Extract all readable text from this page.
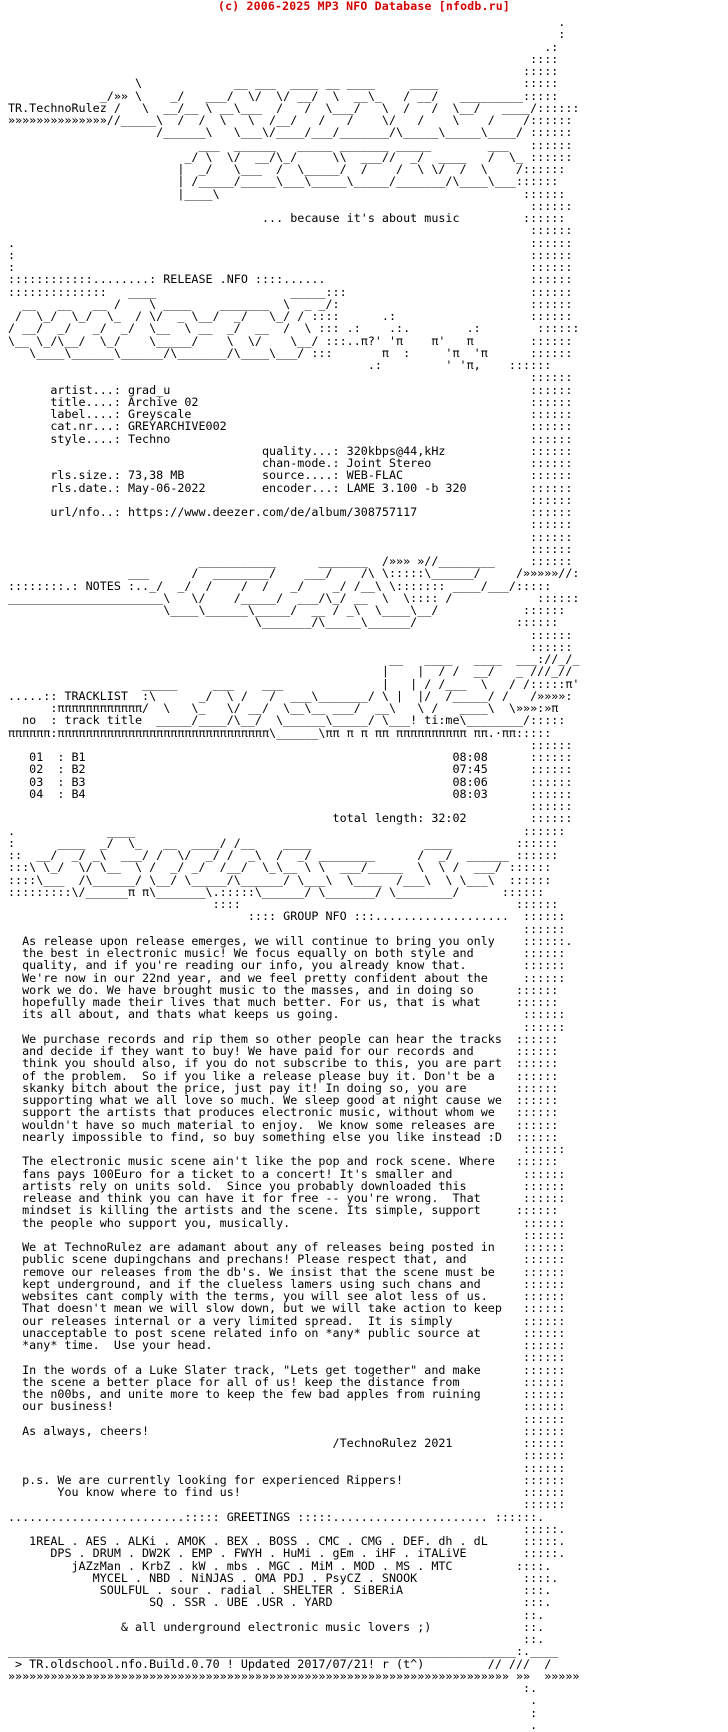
(c) 2006-2025 MP3 NFO Database [nfodb.ru]
.
:
.:
::::
:::::
\             __ ___  ____ __ ____     ____            :::::
_/»» \    _/   ___/  \/  \/ __/  \  __\_   / __/   _________:::::
TR.TechnoRulez /   \  __/__ \ __\___  /   /  \___/   \  /   /  \__/   ____/::::::
»»»»»»»»»»»»»»//_____\  /  /  \   \  /__/   /   /    \/   /    \    /    /::::::
/______\   \___\/____/___/_______/\_____\_____\____/ ::::::
___  ______   _____ _______ _____        ___   ::::::
_/ \  \/  __/\_/     \\  ___//  _/  ____   /  \_ ::::::
|  _/   \___  /  \_____/  /    /  \ \/  /  \    /::::::
| /_____/_____\___\_____\_____/_______/\____\___::::::
|____\                                           ::::::
::::::
... because it's about music         ::::::
::::::
.                                                                         ::::::
:                                                                         ::::::
:                                                                         ::::::
::::::::::::........: RELEASE .NFO ::::......                             ::::::
::::::::::::::   ____                   _____:::                          ::::::
__   __   __ /    \ ____    _______  \  _ _/:                           ::::::
/  \_/  \_/  \_  / \/  _ \__/  _/   \_/ / ::::      .:                   ::::::
/ __/  _/   _/  _/  \__  \ __  _/  __  /  \ ::: .:    .:.        .:        ::::::
\__ \_/\__/  \_/    \_____/    \  \/    \__/ :::..π?' 'π    π'   π        ::::::
\____\______\______/\_______/\____\___/ :::       π  :     'π  'π      ::::::
.:         ' 'π,    ::::::
::::::
artist...: grad_u                                                   ::::::
title....: Archive 02                                               ::::::
label....: Greyscale                                                ::::::
cat.nr...: GREYARCHIVE002                                           ::::::
style....: Techno                                                   ::::::
quality...: 320kbps@44,kHz            ::::::
chan-mode.: Joint Stereo              ::::::
rls.size.: 73,38 MB           source....: WEB-FLAC                  ::::::
rls.date.: May-06-2022        encoder...: LAME 3.100 -b 320         ::::::
::::::
url/nfo..: https://www.deezer.com/de/album/308757117                ::::::
::::::
::::::
::::::
___________      _______  /»»» »//________     ::::::
___      /  ________/    ___/    /\ \:::::\______/     /»»»»»//:
::::::::.: NOTES :.._/  _/  /    /  /   _/    _/ /__\ \::::::: ____/___/:::::
______________________\   \/    /_____/  ___/\_/ __  \  \:::: /            ::::::
\____\______\_____/  __ / _\  \____\__/            ::::::
\_______/\_____\______/              ::::::
::::::
::::::
__   ____   ____  ___://_/_
|    |  / /  __/   _ ///_//
_____     ___    ___              |   | / /___  \   / /:::::π'
.....:: TRACKLIST  :\      _/  \ /   /  ___\_______/ \ |  |/  /_____/ /   /»»»»:
:ππππππππππππ/  \   \_   \/ __/  \__\__ ___/  __\   \ /   ____\  \»»»:»π
no  : track title  _____/____/\__/  \______\_____/ \___! ti:me\________/:::::
ππππππ:ππππππππππππππππππππππππππππππ\______\ππ π π ππ ππππππππππ ππ.·ππ:::::
::::::
01  : B1                                                    08:08      ::::::
02  : B2                                                    07:45      ::::::
03  : B3                                                    08:06      ::::::
04  : B4                                                    08:03      ::::::
::::::
total length: 32:02         ::::::
.             ____                                                       ::::::
:      ____  _/  \_   __  ____/ /__    ____                ____         ::::::
::  __/  _/ _\  ___/ /  \/  _/ /  _\  /  _/ ________      /  _/  ______ ::::::
:::\ \_/  \/ \__  \ /  _/ _/  /__/  \_\__ \ \  ___/_____  \  \ /  ___/ ::::::
::::\___  /\______/ \__/ \_____/\______/ \___\  \____  /___\  \ \___\  ::::::
:::::::::\/______π π\_______\.:::::\______/ \_______/ \________/      ::::::
::::                                       ::::::
:::: GROUP NFO :::...................  ::::::
::::::
As release upon release emerges, we will continue to bring you only    ::::::.
the best in electronic music! We focus equally on both style and       ::::::
quality, and if you're reading our info, you already know that.        ::::::
We're now in our 22nd year, and we feel pretty confident about the     ::::::
work we do. We have brought music to the masses, and in doing so      ::::::
hopefully made their lives that much better. For us, that is what     ::::::
its all about, and thats what keeps us going.                          ::::::
::::::
We purchase records and rip them so other people can hear the tracks  ::::::
and decide if they want to buy! We have paid for our records and      ::::::
think you should also, if you do not subscribe to this, you are part  ::::::
of the problem.  So if you like a release please buy it. Don't be a   ::::::
skanky bitch about the price, just pay it! In doing so, you are       ::::::
supporting what we all love so much. We sleep good at night cause we  ::::::
support the artists that produces electronic music, without whom we   ::::::
wouldn't have so much material to enjoy.  We know some releases are   ::::::
nearly impossible to find, so buy something else you like instead :D  ::::::
::::::
The electronic music scene ain't like the pop and rock scene. Where   ::::::
fans pays 100Euro for a ticket to a concert! It's smaller and          ::::::
artists rely on units sold.  Since you probably downloaded this        ::::::
release and think you can have it for free -- you're wrong.  That      ::::::
mindset is killing the artists and the scene. Its simple, support     ::::::
the people who support you, musically.                                 ::::::
::::::
We at TechnoRulez are adamant about any of releases being posted in    ::::::
public scene dupingchans and prechans! Please respect that, and        ::::::
remove our releases from the db's. We insist that the scene must be    ::::::
kept underground, and if the clueless lamers using such chans and      ::::::
websites cant comply with the terms, you will see alot less of us.     ::::::
That doesn't mean we will slow down, but we will take action to keep   ::::::
our releases internal or a very limited spread.  It is simply          ::::::
unacceptable to post scene related info on *any* public source at      ::::::
*any* time.  Use your head.                                            ::::::
::::::
In the words of a Luke Slater track, "Lets get together" and make      ::::::
the scene a better place for all of us! keep the distance from         ::::::
the n00bs, and unite more to keep the few bad apples from ruining      ::::::
our business!                                                          ::::::
::::::
As always, cheers!                                                     ::::::
/TechnoRulez 2021          ::::::
::::::
::::::
p.s. We are currently looking for experienced Rippers!                 ::::::
You know where to find us!                                        ::::::
::::::
.........................::::: GREETINGS :::::...................... ::::::.
:::::.
1REAL . AES . ALKi . AMOK . BEX . BOSS . CMC . CMG . DEF. dh . dL     :::::.
DPS . DRUM . DW2K . EMP . FWYH . HuMi . gEm . iHF . iTALiVE        :::::.
jAZzMan . KrbZ . kW . mbs . MGC . MiM . MOD . MS . MTC         ::::.
MYCEL . NBD . NiNJAS . OMA PDJ . PsyCZ . SNOOK               ::::.
SOULFUL . sour . radial . SHELTER . SiBERiA                 :::.
SQ . SSR . UBE .USR . YARD                           :::.
::.
& all underground electronic music lovers ;)             ::.
::.
________________________________________________________________________:.____
> TR.oldschool.nfo.Build.0.70 ! Updated 2017/07/21! r (t^)         // ///  /
»»»»»»»»»»»»»»»»»»»»»»»»»»»»»»»»»»»»»»»»»»»»»»»»»»»»»»»»»»»»»»»»»»»»»»» »»  »»»»»
:.
.
:
.
